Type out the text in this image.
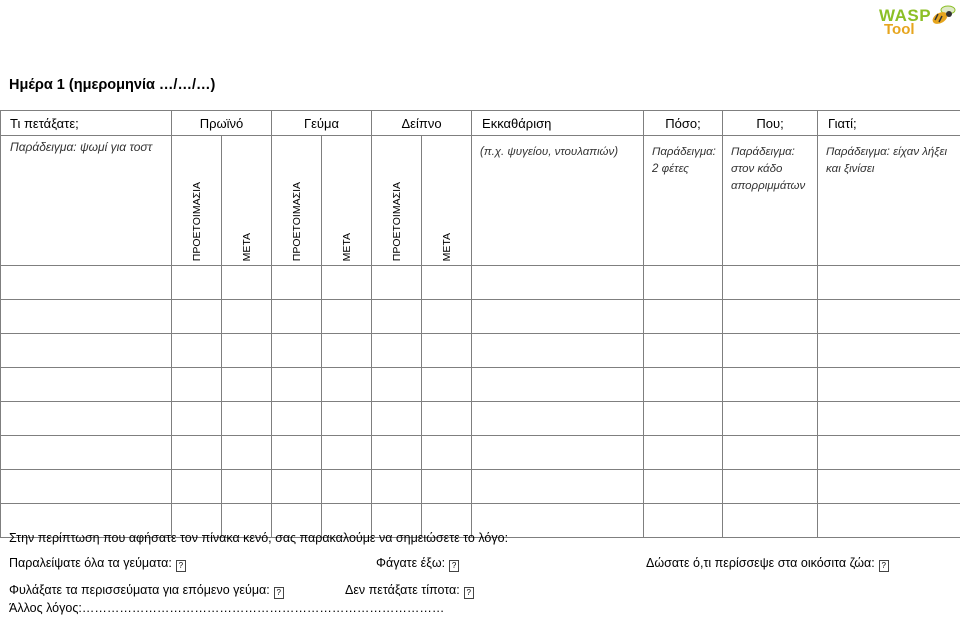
WASP
Tool
Ημέρα 1 (ημερομηνία …/…/…)
Τι πετάξατε;	Πρωϊνό		Γεύμα		Δείπνο		Εκκαθάριση	Πόσο;	Που;	Γιατί;
Παράδειγμα: ψωμί για τοστ	ΠΡΟΕΤΟΙΜΑΣΙΑ	ΜΕΤΑ	ΠΡΟΕΤΟΙΜΑΣΙΑ	ΜΕΤΑ	ΠΡΟΕΤΟΙΜΑΣΙΑ	ΜΕΤΑ	(π.χ. ψυγείου, ντουλαπιών)	Παράδειγμα: 2 φέτες	Παράδειγμα: στον κάδο απορριμμάτων	Παράδειγμα: είχαν λήξει και ξινίσει

Στην περίπτωση που αφήσατε τον πίνακα κενό, σας παρακαλούμε να σημειώσετε το λόγο:
Παραλείψατε όλα τα γεύματα: ?	Φάγατε έξω: ?	Δώσατε ό,τι περίσσεψε στα οικόσιτα ζώα: ?
Φυλάξατε τα περισσεύματα για επόμενο γεύμα: ?	Δεν πετάξατε τίποτα: ?
Άλλος λόγος:……………………………………………………………………………
